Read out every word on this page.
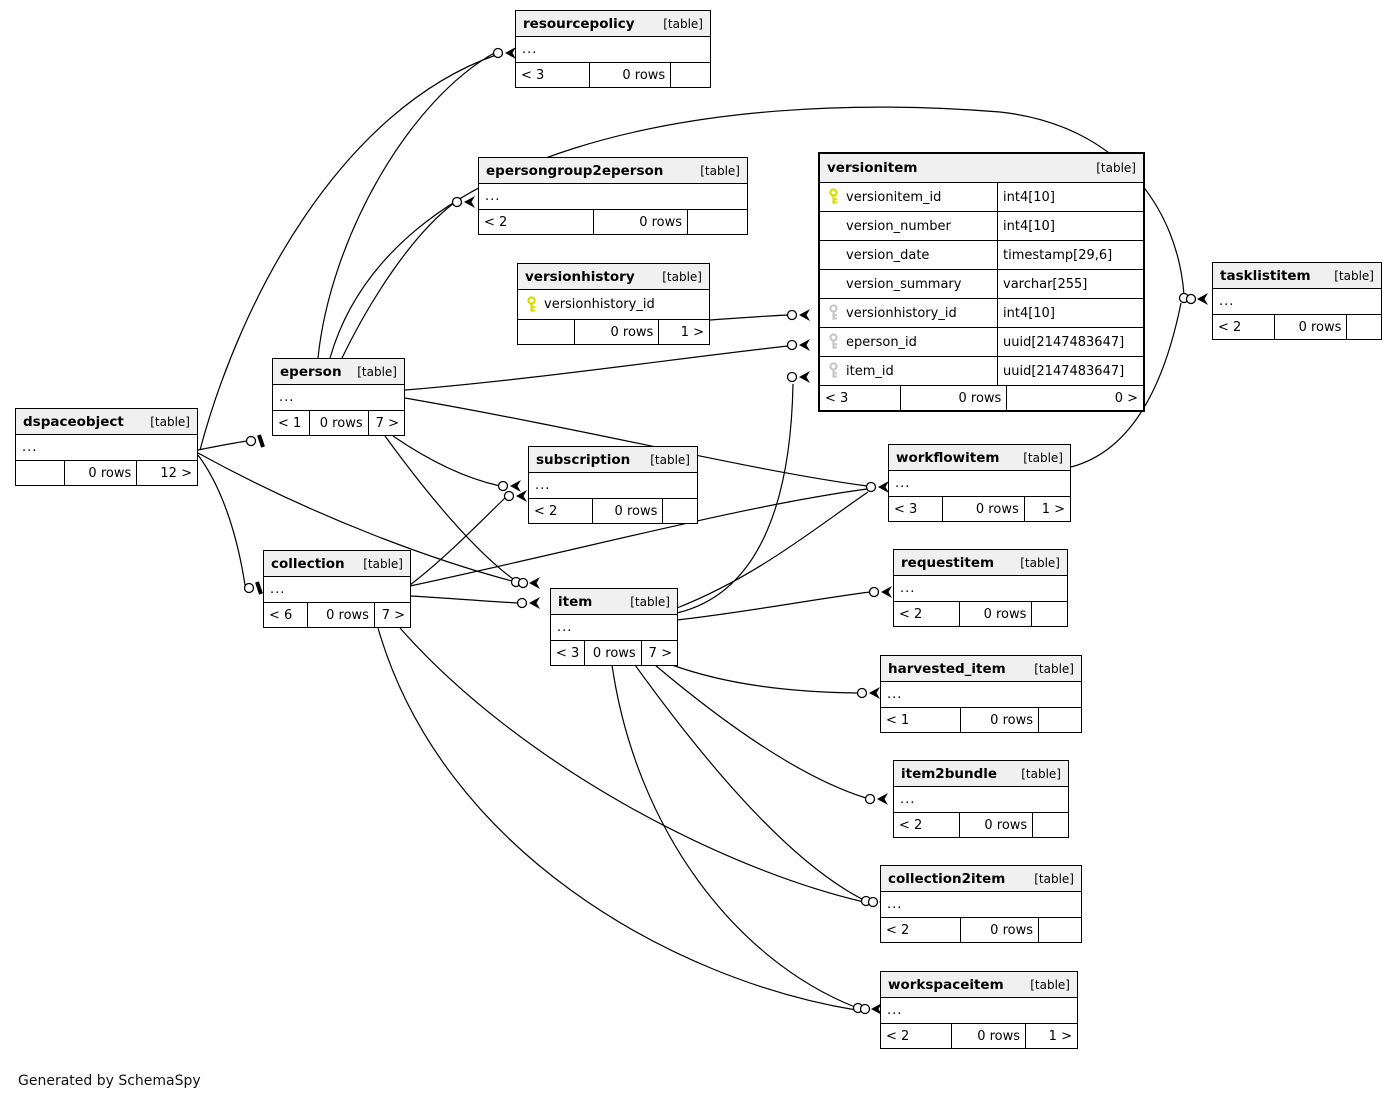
resourcepolicy [table]
...
< 3	0 rows
epersongroup2eperson	[table]
...
< 2	0 rows
versionhistory [table]
versionhistory_id
0 rows	1 >
versionitem	[table]
versionitem_id	int4[10]
version_number	int4[10]
version_date	timestamp[29,6]
version_summary	varchar[255]
versionhistory_id	int4[10]
eperson_id	uuid[2147483647]
item_id	uuid[2147483647]
< 3	0 rows	0 >
tasklistitem [table]
...
< 2	0 rows
eperson [table]
...
< 1	0 rows	7 >
dspaceobject [table]
...
0 rows	12 >
subscription [table]
...
< 2	0 rows
workflowitem [table]
...
< 3	0 rows	1 >
collection [table]
...
< 6	0 rows 7 >
item	[table]
...
< 3	0 rows 7 >
requestitem [table]
...
< 2	0 rows
harvested_item [table]
...
< 1	0 rows
item2bundle [table]
...
< 2	0 rows
collection2item [table]
...
< 2	0 rows
workspaceitem [table]
...
< 2	0 rows	1 >
Generated by SchemaSpy
